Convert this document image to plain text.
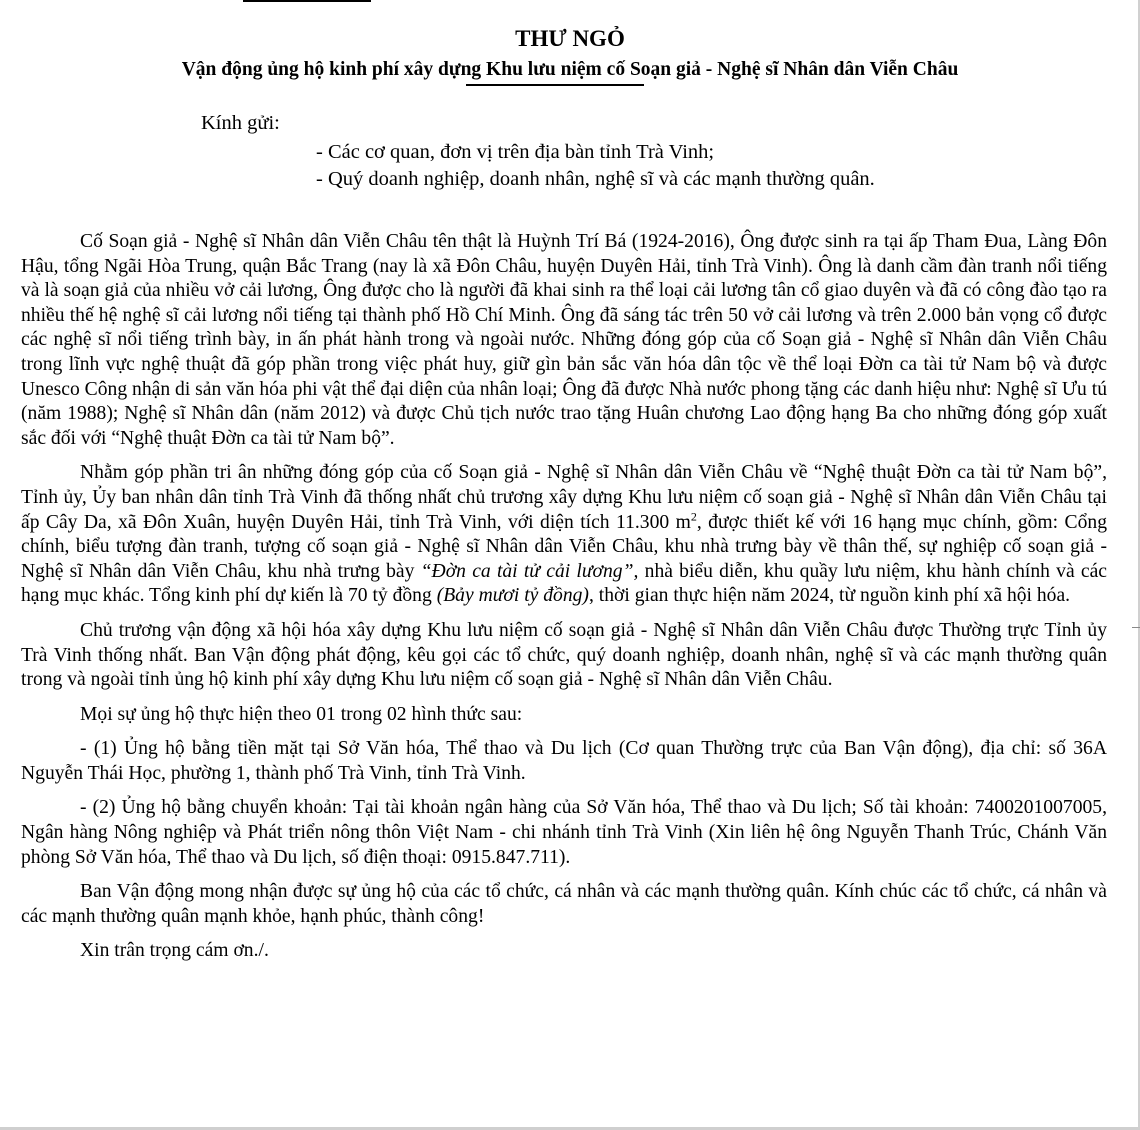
THƯ NGỎ
Vận động ủng hộ kinh phí xây dựng Khu lưu niệm cố Soạn giả - Nghệ sĩ Nhân dân Viễn Châu
Kính gửi:
- Các cơ quan, đơn vị trên địa bàn tỉnh Trà Vinh;
- Quý doanh nghiệp, doanh nhân, nghệ sĩ và các mạnh thường quân.

Cố Soạn giả - Nghệ sĩ Nhân dân Viễn Châu tên thật là Huỳnh Trí Bá (1924-2016), Ông được sinh ra tại ấp Tham Đua, Làng Đôn Hậu, tổng Ngãi Hòa Trung, quận Bắc Trang (nay là xã Đôn Châu, huyện Duyên Hải, tỉnh Trà Vinh). Ông là danh cầm đàn tranh nổi tiếng và là soạn giả của nhiều vở cải lương, Ông được cho là người đã khai sinh ra thể loại cải lương tân cổ giao duyên và đã có công đào tạo ra nhiều thế hệ nghệ sĩ cải lương nổi tiếng tại thành phố Hồ Chí Minh. Ông đã sáng tác trên 50 vở cải lương và trên 2.000 bản vọng cổ được các nghệ sĩ nổi tiếng trình bày, in ấn phát hành trong và ngoài nước. Những đóng góp của cố Soạn giả - Nghệ sĩ Nhân dân Viễn Châu trong lĩnh vực nghệ thuật đã góp phần trong việc phát huy, giữ gìn bản sắc văn hóa dân tộc về thể loại Đờn ca tài tử Nam bộ và được Unesco Công nhận di sản văn hóa phi vật thể đại diện của nhân loại; Ông đã được Nhà nước phong tặng các danh hiệu như: Nghệ sĩ Ưu tú (năm 1988); Nghệ sĩ Nhân dân (năm 2012) và được Chủ tịch nước trao tặng Huân chương Lao động hạng Ba cho những đóng góp xuất sắc đối với “Nghệ thuật Đờn ca tài tử Nam bộ”.

Nhằm góp phần tri ân những đóng góp của cố Soạn giả - Nghệ sĩ Nhân dân Viễn Châu về “Nghệ thuật Đờn ca tài tử Nam bộ”, Tỉnh ủy, Ủy ban nhân dân tỉnh Trà Vinh đã thống nhất chủ trương xây dựng Khu lưu niệm cố soạn giả - Nghệ sĩ Nhân dân Viễn Châu tại ấp Cây Da, xã Đôn Xuân, huyện Duyên Hải, tỉnh Trà Vinh, với diện tích 11.300 $m^2$, được thiết kế với 16 hạng mục chính, gồm: Cổng chính, biểu tượng đàn tranh, tượng cố soạn giả - Nghệ sĩ Nhân dân Viễn Châu, khu nhà trưng bày về thân thế, sự nghiệp cố soạn giả - Nghệ sĩ Nhân dân Viễn Châu, khu nhà trưng bày “Đờn ca tài tử cải lương”, nhà biểu diễn, khu quầy lưu niệm, khu hành chính và các hạng mục khác. Tổng kinh phí dự kiến là 70 tỷ đồng (Bảy mươi tỷ đồng), thời gian thực hiện năm 2024, từ nguồn kinh phí xã hội hóa.

Chủ trương vận động xã hội hóa xây dựng Khu lưu niệm cố soạn giả - Nghệ sĩ Nhân dân Viễn Châu được Thường trực Tỉnh ủy Trà Vinh thống nhất. Ban Vận động phát động, kêu gọi các tổ chức, quý doanh nghiệp, doanh nhân, nghệ sĩ và các mạnh thường quân trong và ngoài tỉnh ủng hộ kinh phí xây dựng Khu lưu niệm cố soạn giả - Nghệ sĩ Nhân dân Viễn Châu.

Mọi sự ủng hộ thực hiện theo 01 trong 02 hình thức sau:

- (1) Ủng hộ bằng tiền mặt tại Sở Văn hóa, Thể thao và Du lịch (Cơ quan Thường trực của Ban Vận động), địa chỉ: số 36A Nguyễn Thái Học, phường 1, thành phố Trà Vinh, tỉnh Trà Vinh.

- (2) Ủng hộ bằng chuyển khoản: Tại tài khoản ngân hàng của Sở Văn hóa, Thể thao và Du lịch; Số tài khoản: 7400201007005, Ngân hàng Nông nghiệp và Phát triển nông thôn Việt Nam - chi nhánh tỉnh Trà Vinh (Xin liên hệ ông Nguyễn Thanh Trúc, Chánh Văn phòng Sở Văn hóa, Thể thao và Du lịch, số điện thoại: 0915.847.711).

Ban Vận động mong nhận được sự ủng hộ của các tổ chức, cá nhân và các mạnh thường quân. Kính chúc các tổ chức, cá nhân và các mạnh thường quân mạnh khỏe, hạnh phúc, thành công!

Xin trân trọng cám ơn./.
